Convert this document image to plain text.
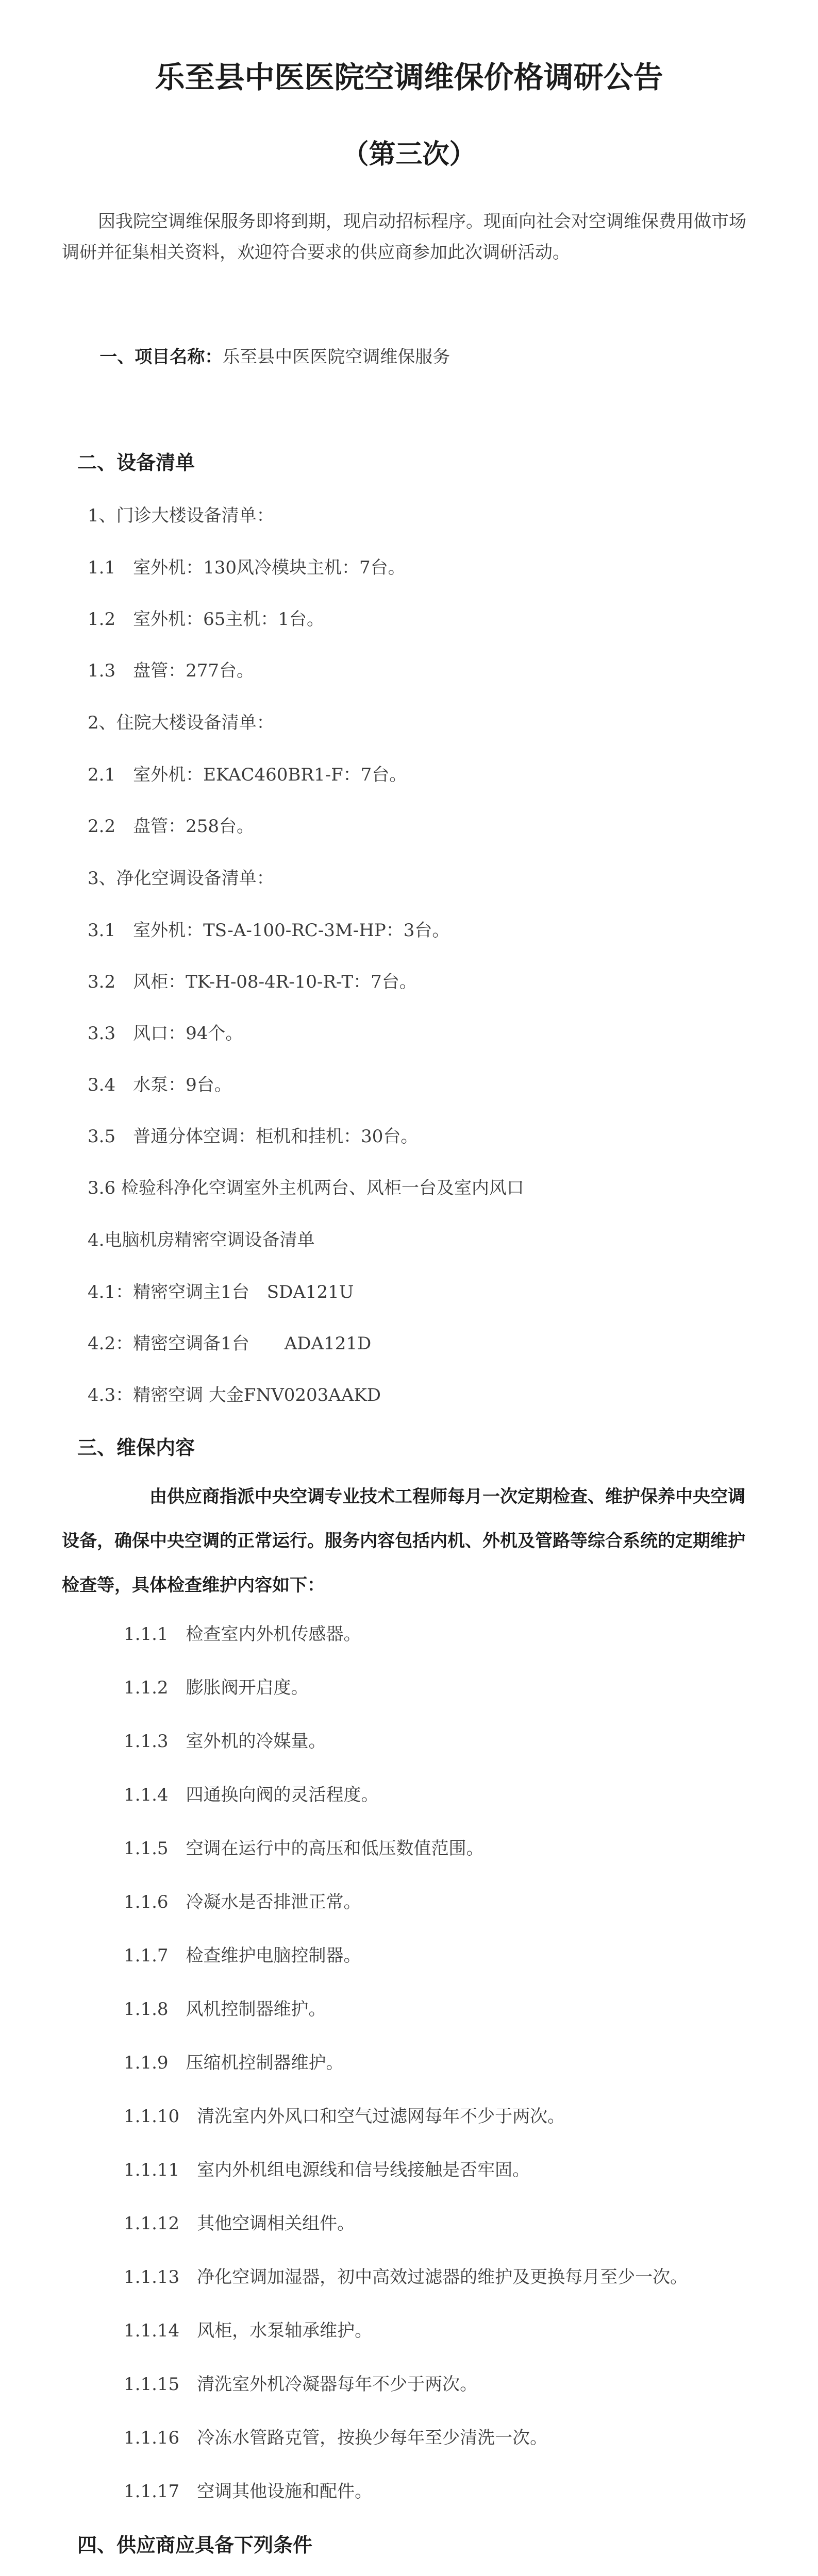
乐至县中医医院空调维保价格调研公告
（第三次）

因我院空调维保服务即将到期，现启动招标程序。现面向社会对空调维保费用做市场调研并征集相关资料，欢迎符合要求的供应商参加此次调研活动。

一、项目名称：乐至县中医医院空调维保服务

二、设备清单

1、门诊大楼设备清单：

1.1　室外机：130风冷模块主机：7台。

1.2　室外机：65主机：1台。

1.3　盘管：277台。

2、住院大楼设备清单：

2.1　室外机：EKAC460BR1-F：7台。

2.2　盘管：258台。

3、净化空调设备清单：

3.1　室外机：TS-A-100-RC-3M-HP：3台。

3.2　风柜：TK-H-08-4R-10-R-T：7台。

3.3　风口：94个。

3.4　水泵：9台。

3.5　普通分体空调：柜机和挂机：30台。

3.6 检验科净化空调室外主机两台、风柜一台及室内风口

4.电脑机房精密空调设备清单

4.1：精密空调主1台　SDA121U

4.2：精密空调备1台　　ADA121D

4.3：精密空调 大金FNV0203AAKD

三、维保内容

由供应商指派中央空调专业技术工程师每月一次定期检查、维护保养中央空调设备，确保中央空调的正常运行。服务内容包括内机、外机及管路等综合系统的定期维护检查等，具体检查维护内容如下：

1.1.1　检查室内外机传感器。

1.1.2　膨胀阀开启度。

1.1.3　室外机的冷媒量。

1.1.4　四通换向阀的灵活程度。

1.1.5　空调在运行中的高压和低压数值范围。

1.1.6　冷凝水是否排泄正常。

1.1.7　检查维护电脑控制器。

1.1.8　风机控制器维护。

1.1.9　压缩机控制器维护。

1.1.10　清洗室内外风口和空气过滤网每年不少于两次。

1.1.11　室内外机组电源线和信号线接触是否牢固。

1.1.12　其他空调相关组件。

1.1.13　净化空调加湿器，初中高效过滤器的维护及更换每月至少一次。

1.1.14　风柜，水泵轴承维护。

1.1.15　清洗室外机冷凝器每年不少于两次。

1.1.16　冷冻水管路克管，按换少每年至少清洗一次。

1.1.17　空调其他设施和配件。

四、供应商应具备下列条件
